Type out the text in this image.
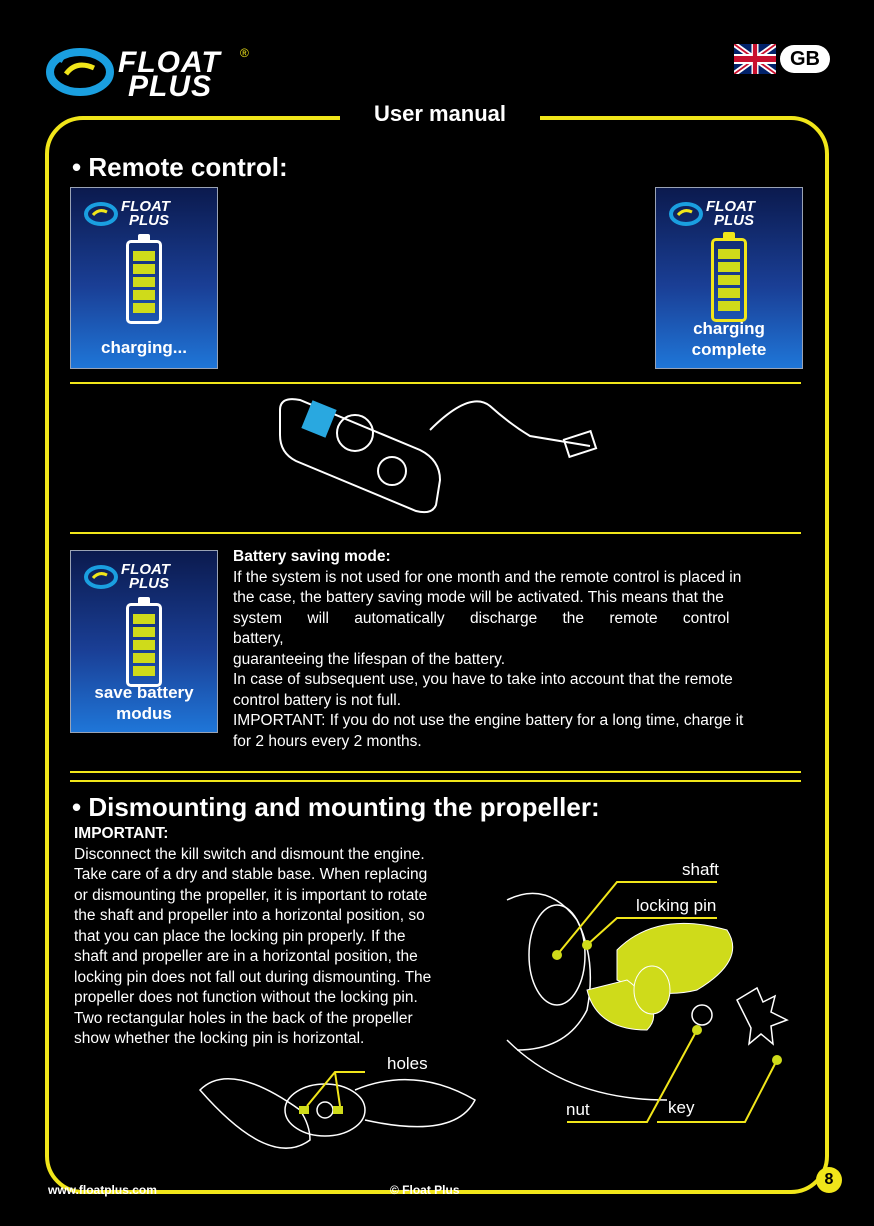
FLOAT
PLUS
®	GB
User manual
• Remote control:
FLOAT
PLUS
charging...
FLOAT
PLUS
charging
complete
FLOAT
PLUS
save battery
modus
Battery saving mode:
If the system is not used for one month and the remote control is placed in
the case, the battery saving mode will be activated. This means that the
system will automatically discharge the remote control battery,
guaranteeing the lifespan of the battery.
In case of subsequent use, you have to take into account that the remote
control battery is not full.
IMPORTANT: If you do not use the engine battery for a long time, charge it
for 2 hours every 2 months.
• Dismounting and mounting the propeller:
IMPORTANT:
Disconnect the kill switch and dismount the engine.
Take care of a dry and stable base. When replacing
or dismounting the propeller, it is important to rotate
the shaft and propeller into a horizontal position, so
that you can place the locking pin properly. If the
shaft and propeller are in a horizontal position, the
locking pin does not fall out during dismounting. The
propeller does not function without the locking pin.
Two rectangular holes in the back of the propeller
show whether the locking pin is horizontal.
holes
shaft
locking pin
nut	key
www.floatplus.com	© Float Plus
8
